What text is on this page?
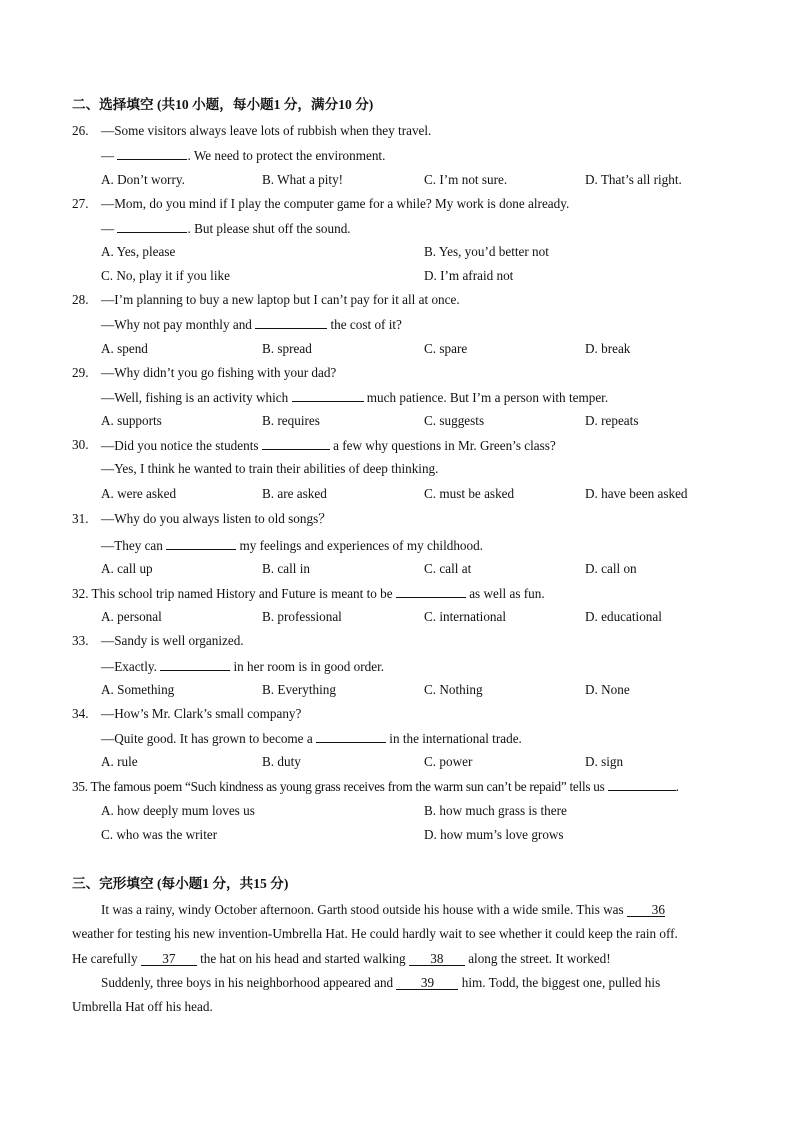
二、选择填空 (共10 小题，每小题1 分，满分10 分)
26. —Some visitors always leave lots of rubbish when they travel.
—	. We need to protect the environment.
A. Don’t worry.	B. What a pity!	C. I’m not sure.	D. That’s all right.
27. —Mom, do you mind if I play the computer game for a while? My work is done already.
—	. But please shut off the sound.
A. Yes, please	B. Yes, you’d better not
C. No, play it if you like	D. I’m afraid not
28. —I’m planning to buy a new laptop but I can’t pay for it all at once.
—Why not pay monthly and	the cost of it?
A. spend	B. spread	C. spare	D. break
29. —Why didn’t you go fishing with your dad?
—Well, fishing is an activity which	much patience. But I’m a person with temper.
A. supports	B. requires	C. suggests	D. repeats
30. —Did you notice the students	a few why questions in Mr. Green’s class?
—Yes, I think he wanted to train their abilities of deep thinking.
A. were asked	B. are asked	C. must be asked	D. have been asked
31. —Why do you always listen to old songs？
—They can	my feelings and experiences of my childhood.
A. call up	B. call in	C. call at	D. call on
32. This school trip named History and Future is meant to be	as well as fun.
A. personal	B. professional	C. international	D. educational
33. —Sandy is well organized.
—Exactly.	in her room is in good order.
A. Something	B. Everything	C. Nothing	D. None
34. —How’s Mr. Clark’s small company?
—Quite good. It has grown to become a	in the international trade.
A. rule	B. duty	C. power	D. sign
35. The famous poem “Such kindness as young grass receives from the warm sun can’t be repaid” tells us	.
A. how deeply mum loves us	B. how much grass is there
C. who was the writer	D. how mum’s love grows
三、完形填空 (每小题1 分，共15 分)
It was a rainy, windy October afternoon. Garth stood outside his house with a wide smile. This was 36
weather for testing his new invention-Umbrella Hat. He could hardly wait to see whether it could keep the rain off.
He carefully 37 the hat on his head and started walking 38 along the street. It worked!
Suddenly, three boys in his neighborhood appeared and 39 him. Todd, the biggest one, pulled his
Umbrella Hat off his head.
